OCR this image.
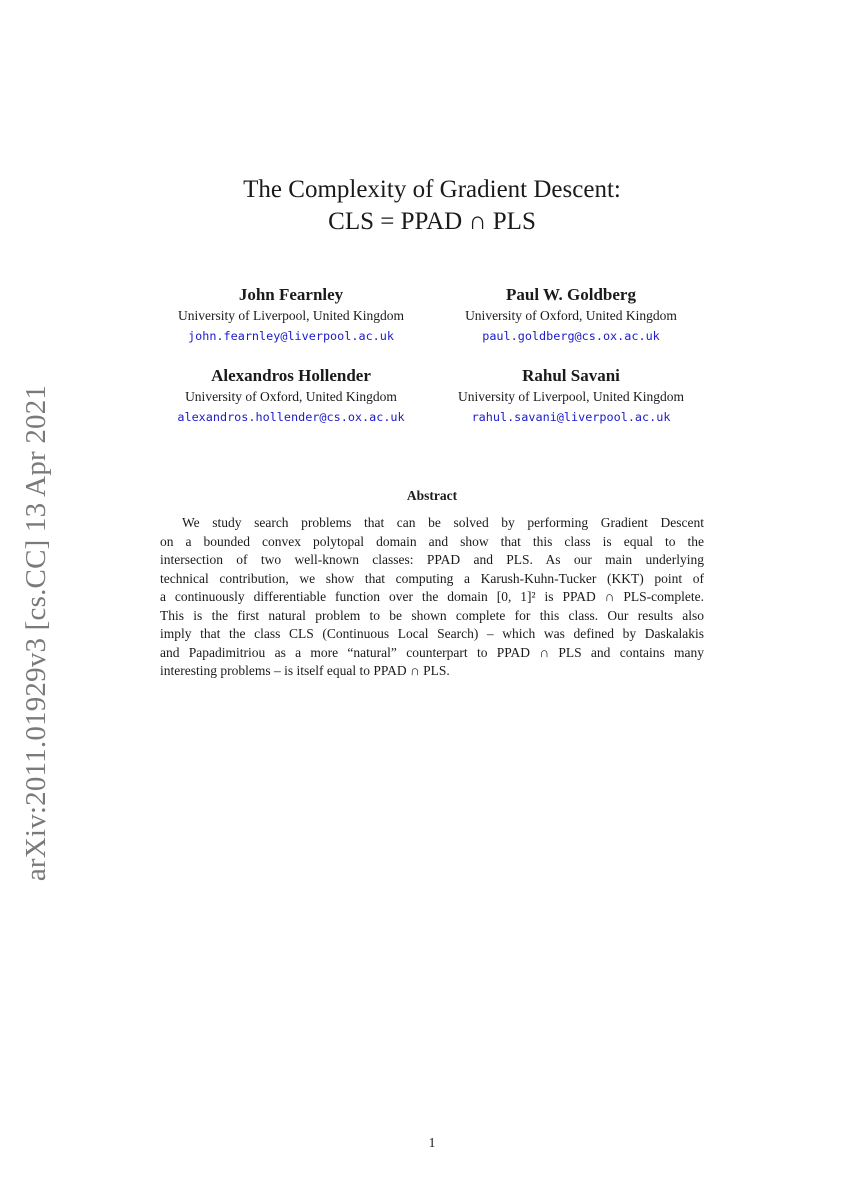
arXiv:2011.01929v3 [cs.CC] 13 Apr 2021
The Complexity of Gradient Descent:
CLS = PPAD ∩ PLS
John Fearnley
University of Liverpool, United Kingdom
john.fearnley@liverpool.ac.uk
Paul W. Goldberg
University of Oxford, United Kingdom
paul.goldberg@cs.ox.ac.uk
Alexandros Hollender
University of Oxford, United Kingdom
alexandros.hollender@cs.ox.ac.uk
Rahul Savani
University of Liverpool, United Kingdom
rahul.savani@liverpool.ac.uk
Abstract
We study search problems that can be solved by performing Gradient Descent
on a bounded convex polytopal domain and show that this class is equal to the
intersection of two well-known classes: PPAD and PLS. As our main underlying
technical contribution, we show that computing a Karush-Kuhn-Tucker (KKT) point of
a continuously differentiable function over the domain [0, 1]² is PPAD ∩ PLS-complete.
This is the first natural problem to be shown complete for this class. Our results also
imply that the class CLS (Continuous Local Search) – which was defined by Daskalakis
and Papadimitriou as a more “natural” counterpart to PPAD ∩ PLS and contains many
interesting problems – is itself equal to PPAD ∩ PLS.
1
